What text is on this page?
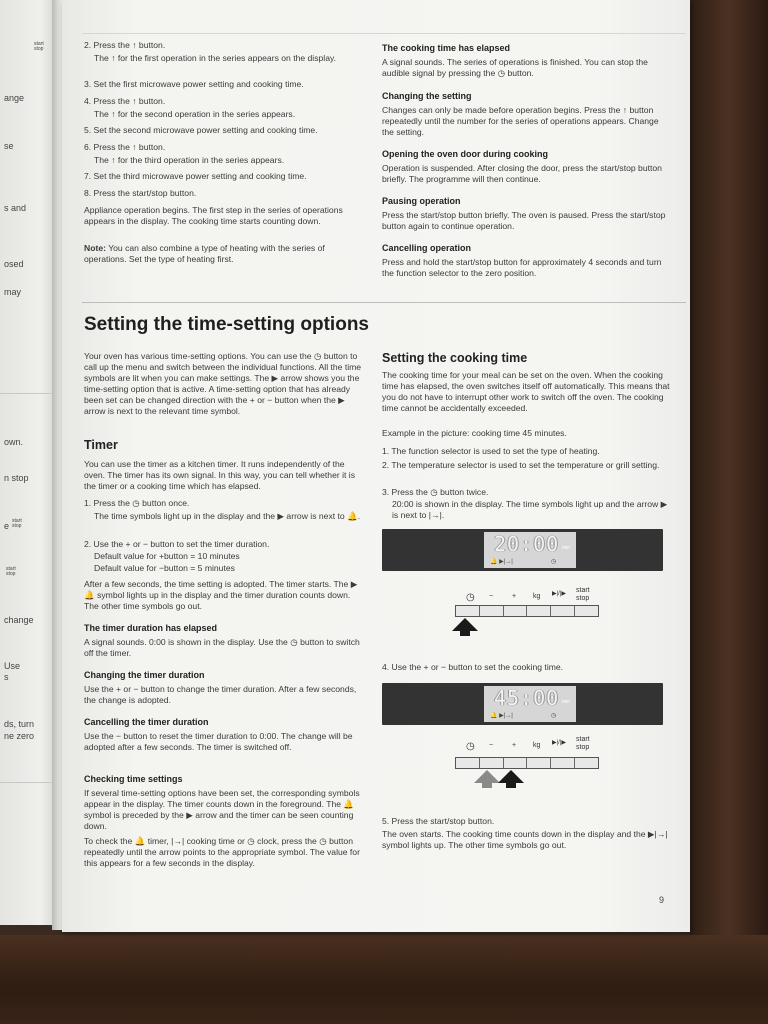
start
stop
ange
se
s and
osed
may
own.
n stop
e start
stop
start
stop
change
Use
s
ds, turn
ne zero
2. Press the ↑ button.
The ↑ for the first operation in the series appears on the display.
3. Set the first microwave power setting and cooking time.
4. Press the ↑ button.
The ↑ for the second operation in the series appears.
5. Set the second microwave power setting and cooking time.
6. Press the ↑ button.
The ↑ for the third operation in the series appears.
7. Set the third microwave power setting and cooking time.
8. Press the start/stop button.
Appliance operation begins. The first step in the series of operations appears in the display. The cooking time starts counting down.
Note: You can also combine a type of heating with the series of operations. Set the type of heating first.
The cooking time has elapsed
A signal sounds. The series of operations is finished. You can stop the audible signal by pressing the ◷ button.
Changing the setting
Changes can only be made before operation begins. Press the ↑ button repeatedly until the number for the series of operations appears. Change the setting.
Opening the oven door during cooking
Operation is suspended. After closing the door, press the start/stop button briefly. The programme will then continue.
Pausing operation
Press the start/stop button briefly. The oven is paused. Press the start/stop button again to continue operation.
Cancelling operation
Press and hold the start/stop button for approximately 4 seconds and turn the function selector to the zero position.
Setting the time-setting options
Your oven has various time-setting options. You can use the ◷ button to call up the menu and switch between the individual functions. All the time symbols are lit when you can make settings. The ▶ arrow shows you the time-setting option that is active. A time-setting option that has already been set can be changed direction with the + or − button when the ▶ arrow is next to the relevant time symbol.
Timer
You can use the timer as a kitchen timer. It runs independently of the oven. The timer has its own signal. In this way, you can tell whether it is the timer or a cooking time which has elapsed.
1. Press the ◷ button once.
The time symbols light up in the display and the ▶ arrow is next to 🔔.
2. Use the + or − button to set the timer duration.
Default value for +button = 10 minutes
Default value for −button = 5 minutes
After a few seconds, the time setting is adopted. The timer starts. The ▶🔔 symbol lights up in the display and the timer duration counts down. The other time symbols go out.
The timer duration has elapsed
A signal sounds. 0:00 is shown in the display. Use the ◷ button to switch off the timer.
Changing the timer duration
Use the + or − button to change the timer duration. After a few seconds, the change is adopted.
Cancelling the timer duration
Use the − button to reset the timer duration to 0:00. The change will be adopted after a few seconds. The timer is switched off.
Checking time settings
If several time-setting options have been set, the corresponding symbols appear in the display. The timer counts down in the foreground. The 🔔 symbol is preceded by the ▶ arrow and the timer can be seen counting down.
To check the 🔔 timer, |→| cooking time or ◷ clock, press the ◷ button repeatedly until the arrow points to the appropriate symbol. The value for this appears for a few seconds in the display.
Setting the cooking time
The cooking time for your meal can be set on the oven. When the cooking time has elapsed, the oven switches itself off automatically. This means that you do not have to interrupt other work to switch off the oven. The cooking time cannot be accidentally exceeded.
Example in the picture: cooking time 45 minutes.
1. The function selector is used to set the type of heating.
2. The temperature selector is used to set the temperature or grill setting.
3. Press the ◷ button twice.
20:00 is shown in the display. The time symbols light up and the arrow ▶ is next to |→|.
20:00 min
🔔 ▶|→|	◷
◷ −	+ kg ▶|/|▶ start
stop
4. Use the + or − button to set the cooking time.
45:00 min
🔔 ▶|→|	◷
◷ −	+ kg ▶|/|▶ start
stop
5. Press the start/stop button.
The oven starts. The cooking time counts down in the display and the ▶|→| symbol lights up. The other time symbols go out.
9
